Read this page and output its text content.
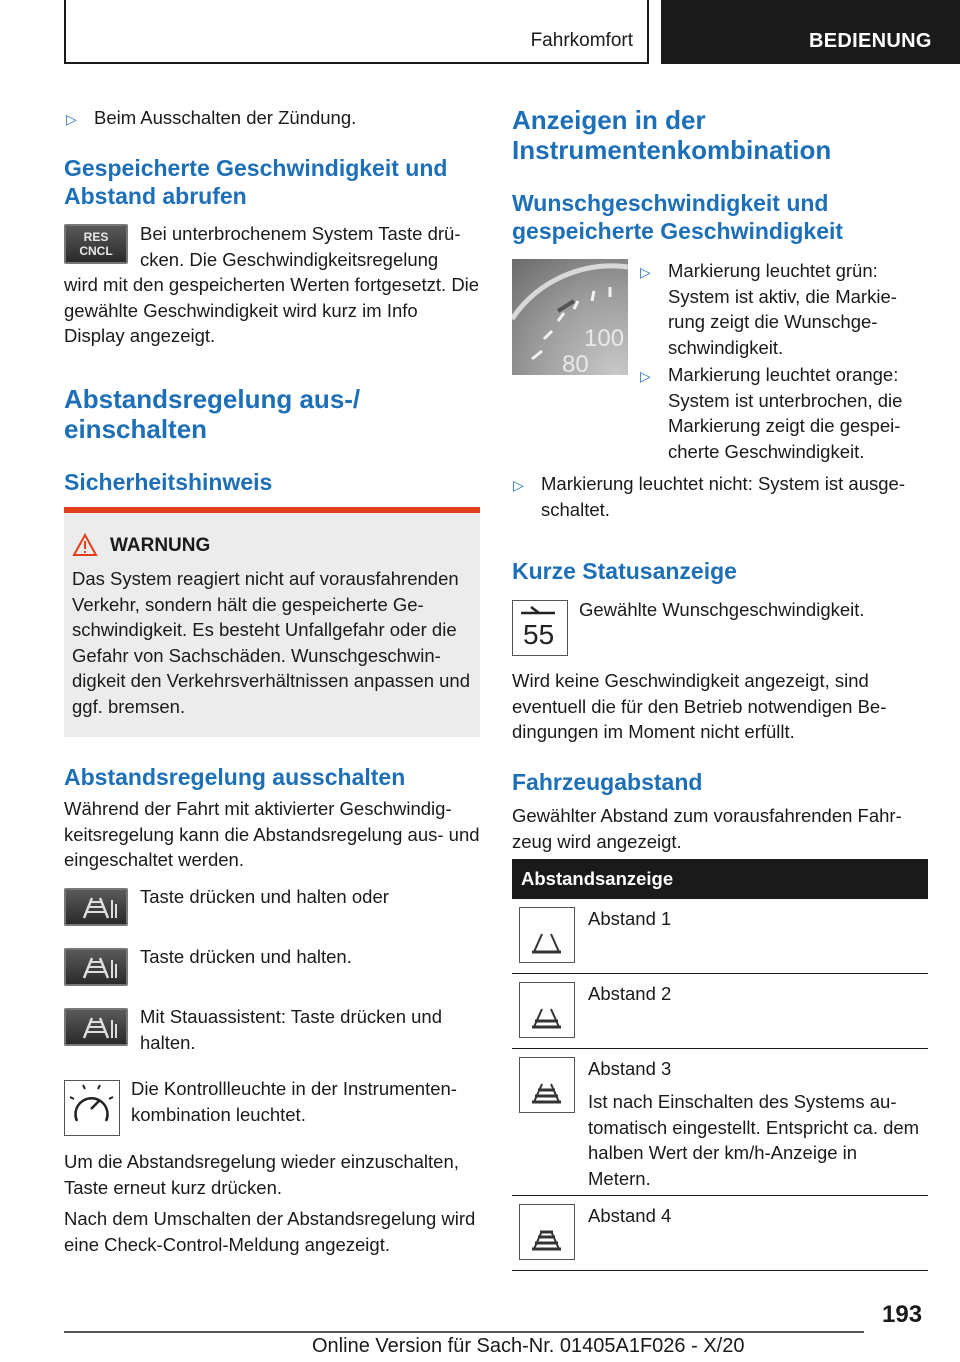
Fahrkomfort	BEDIENUNG
▷ Beim Ausschalten der Zündung.

Gespeicherte Geschwindigkeit und Abstand abrufen

RES CNCL

Bei unterbrochenem System Taste drü- cken. Die Geschwindigkeitsregelung

wird mit den gespeicherten Werten fortgesetzt. Die gewählte Geschwindigkeit wird kurz im Info Display angezeigt.

Abstandsregelung aus-/ einschalten

Sicherheitshinweis

WARNUNG

Das System reagiert nicht auf vorausfahrenden Verkehr, sondern hält die gespeicherte Ge- schwindigkeit. Es besteht Unfallgefahr oder die Gefahr von Sachschäden. Wunschgeschwin- digkeit den Verkehrsverhältnissen anpassen und ggf. bremsen.

Abstandsregelung ausschalten

Während der Fahrt mit aktivierter Geschwindig- keitsregelung kann die Abstandsregelung aus- und eingeschaltet werden.

Taste drücken und halten oder

Taste drücken und halten.

Mit Stauassistent: Taste drücken und halten.

Die Kontrollleuchte in der Instrumenten- kombination leuchtet.

Um die Abstandsregelung wieder einzuschalten, Taste erneut kurz drücken.

Nach dem Umschalten der Abstandsregelung wird eine Check-Control-Meldung angezeigt.

Anzeigen in der Instrumentenkombination

Wunschgeschwindigkeit und gespeicherte Geschwindigkeit

100
80
▷ Markierung leuchtet grün: System ist aktiv, die Markie- rung zeigt die Wunschge- schwindigkeit.

▷ Markierung leuchtet orange: System ist unterbrochen, die Markierung zeigt die gespei- cherte Geschwindigkeit.

▷ Markierung leuchtet nicht: System ist ausge- schaltet.

Kurze Statusanzeige

55

Gewählte Wunschgeschwindigkeit.

Wird keine Geschwindigkeit angezeigt, sind eventuell die für den Betrieb notwendigen Be- dingungen im Moment nicht erfüllt.

Fahrzeugabstand

Gewählter Abstand zum vorausfahrenden Fahr- zeug wird angezeigt.

Abstandsanzeige
Abstand 1
Abstand 2
Abstand 3

Ist nach Einschalten des Systems au- tomatisch eingestellt. Entspricht ca. dem halben Wert der km/h-Anzeige in Metern.

Abstand 4
193
Online Version für Sach-Nr. 01405A1F026 - X/20
